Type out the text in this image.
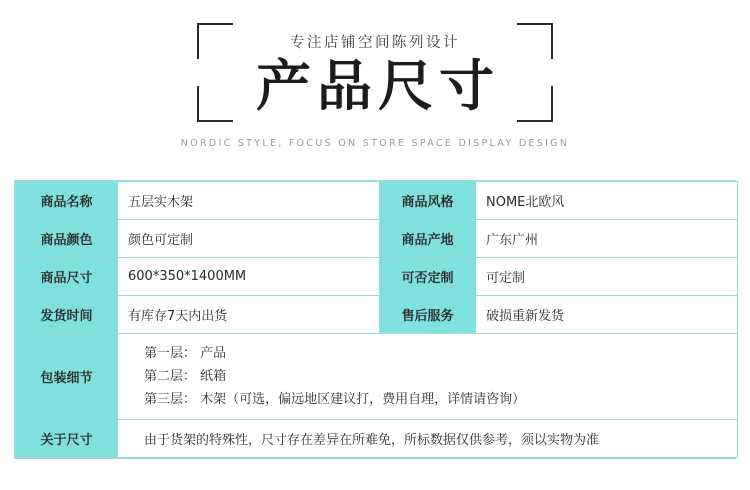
专注店铺空间陈列设计
产品尺寸
NORDIC STYLE, FOCUS ON STORE SPACE DISPLAY DESIGN
商品名称	五层实木架	商品风格	NOME北欧风
商品颜色	颜色可定制	商品产地	广东广州
商品尺寸	600*350*1400MM	可否定制	可定制
发货时间	有库存7天内出货	售后服务	破损重新发货
包装细节	第一层： 产品
第二层： 纸箱
第三层： 木架（可选，偏远地区建议打，费用自理，详情请咨询）		

关于尺寸	由于货架的特殊性，尺寸存在差异在所难免，所标数据仅供参考，须以实物为准		
